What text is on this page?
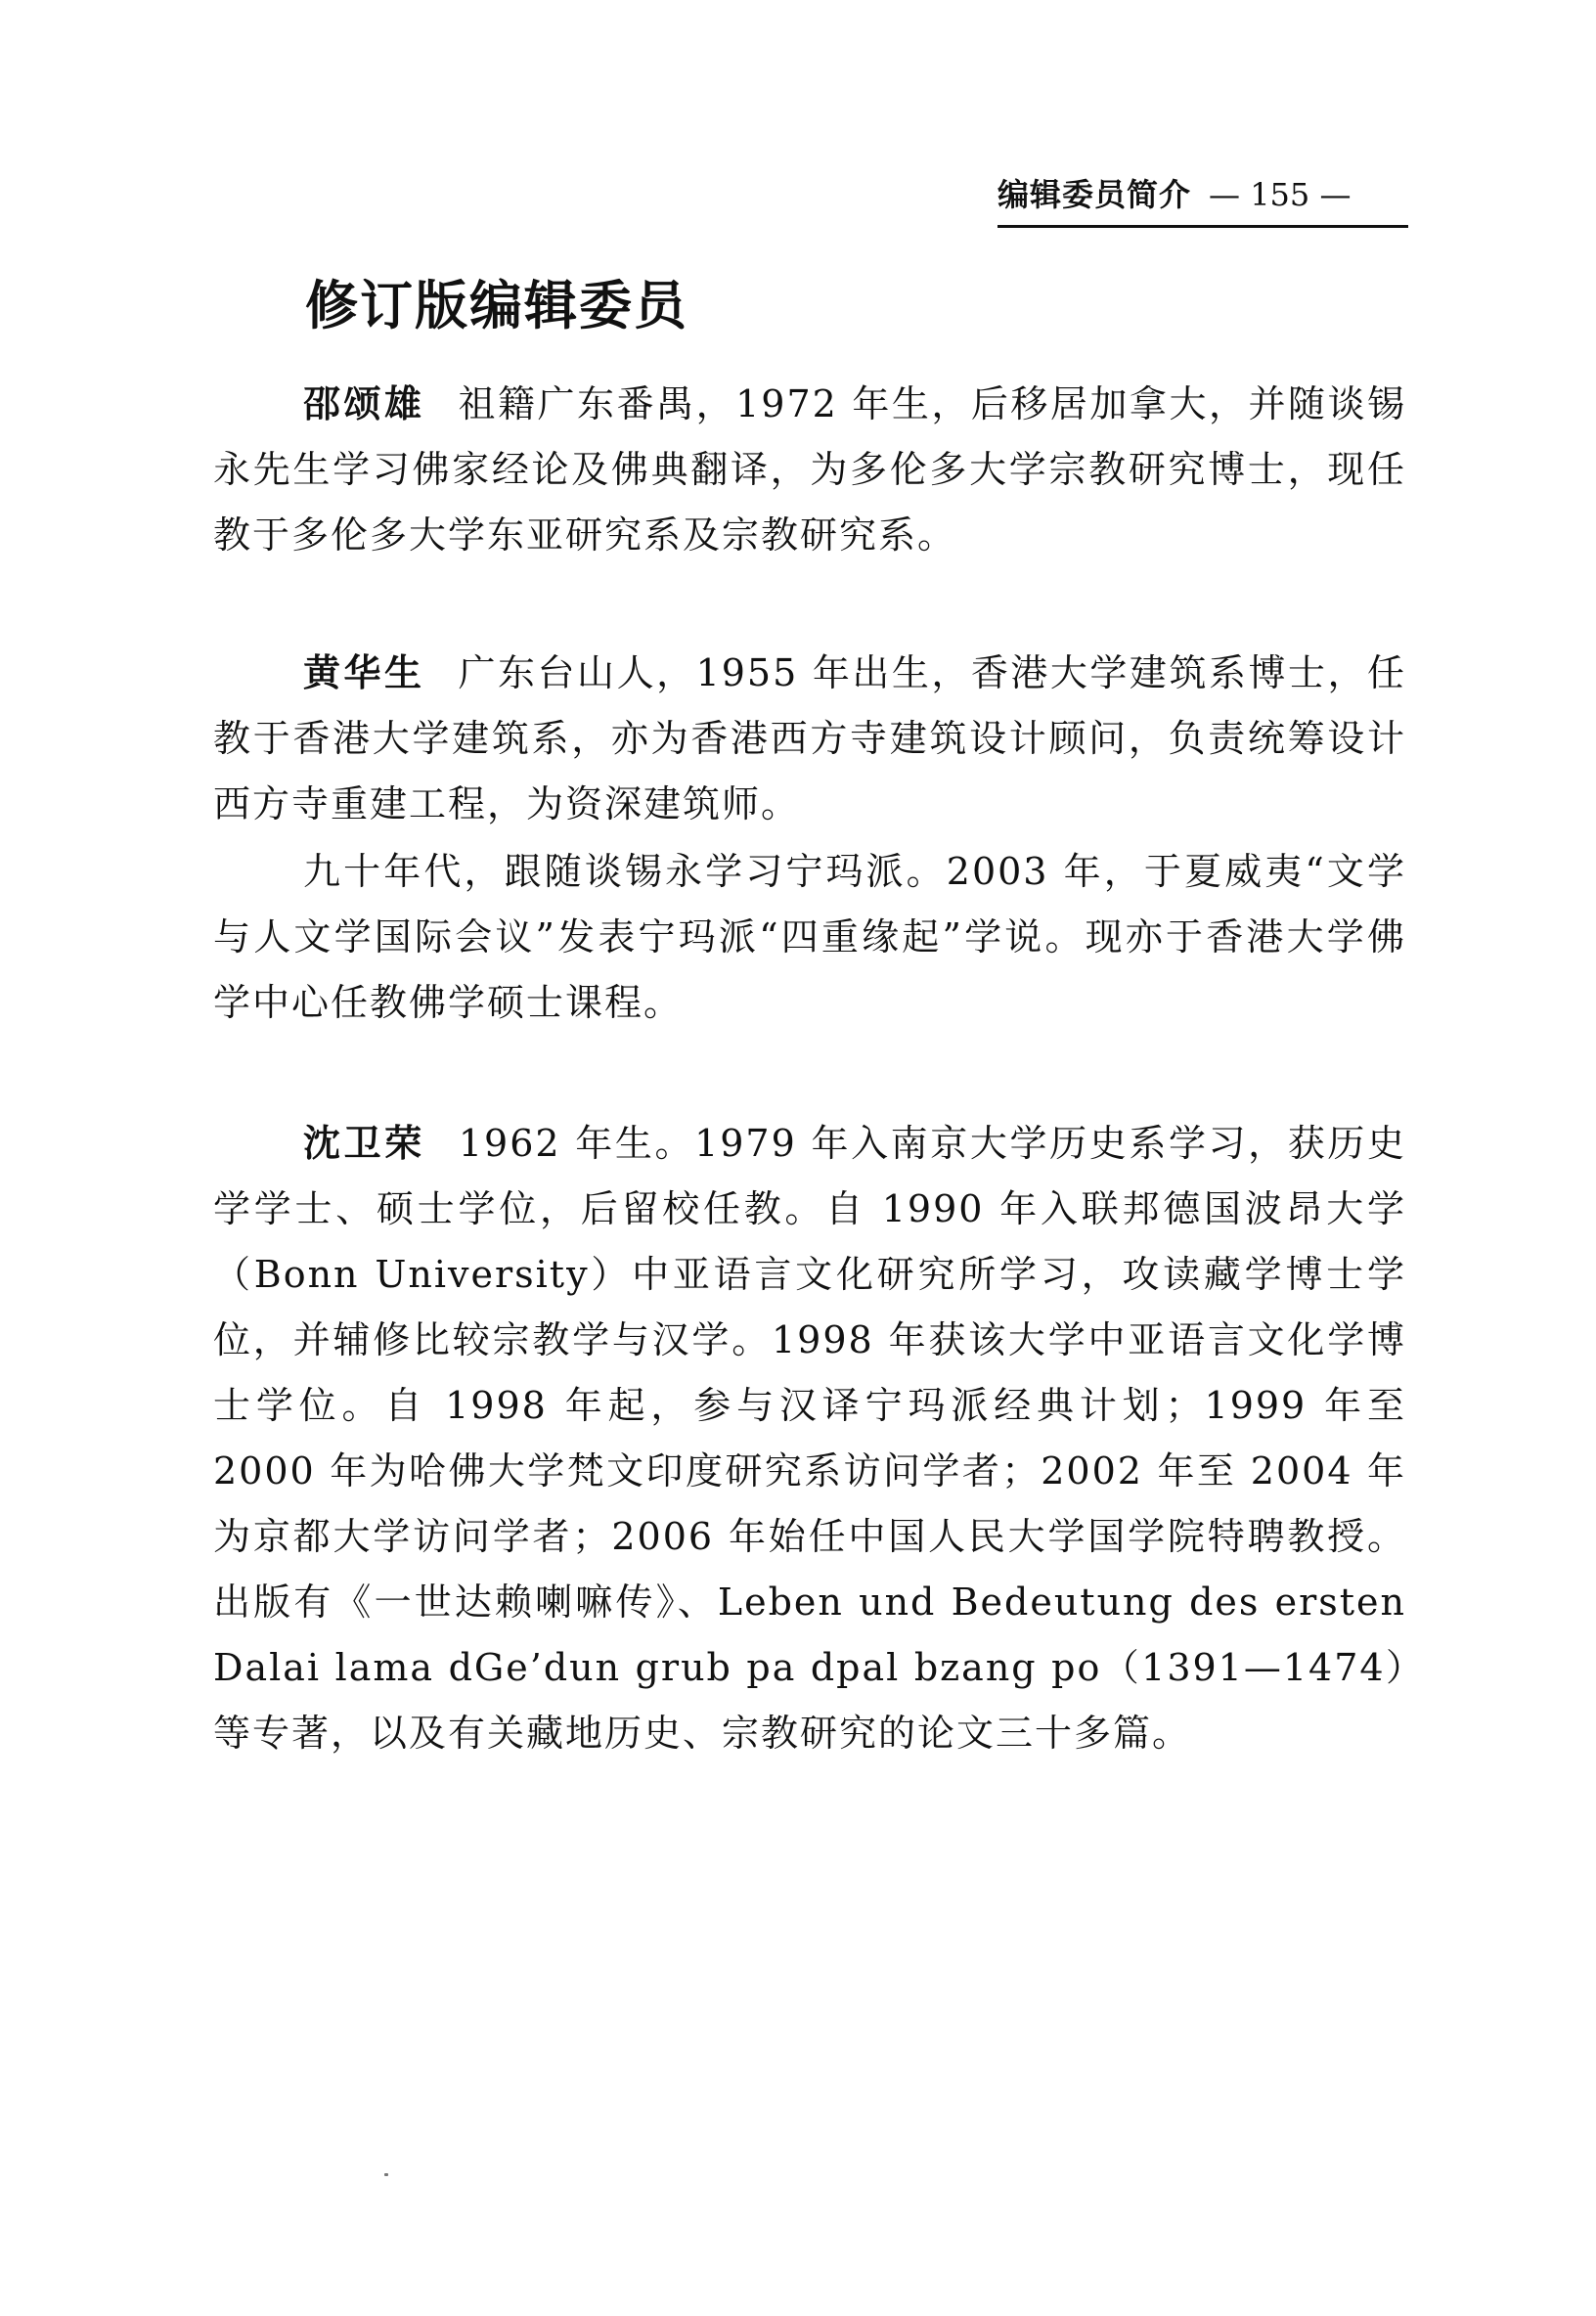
编辑委员简介 — 155 —
修订版编辑委员

邵颂雄 祖籍广东番禺，1972 年生，后移居加拿大，并随谈锡永先生学习佛家经论及佛典翻译，为多伦多大学宗教研究博士，现任教于多伦多大学东亚研究系及宗教研究系。

黄华生 广东台山人，1955 年出生，香港大学建筑系博士，任教于香港大学建筑系，亦为香港西方寺建筑设计顾问，负责统筹设计西方寺重建工程，为资深建筑师。

九十年代，跟随谈锡永学习宁玛派。2003 年，于夏威夷“文学与人文学国际会议”发表宁玛派“四重缘起”学说。现亦于香港大学佛学中心任教佛学硕士课程。

沈卫荣 1962 年生。1979 年入南京大学历史系学习，获历史学学士、硕士学位，后留校任教。自 1990 年入联邦德国波昂大学（Bonn University）中亚语言文化研究所学习，攻读藏学博士学位，并辅修比较宗教学与汉学。1998 年获该大学中亚语言文化学博士学位。自 1998 年起，参与汉译宁玛派经典计划；1999 年至 2000 年为哈佛大学梵文印度研究系访问学者；2002 年至 2004 年为京都大学访问学者；2006 年始任中国人民大学国学院特聘教授。出版有《一世达赖喇嘛传》、Leben und Bedeutung des ersten Dalai lama dGe’dun grub pa dpal bzang po（1391—1474）等专著，以及有关藏地历史、宗教研究的论文三十多篇。
